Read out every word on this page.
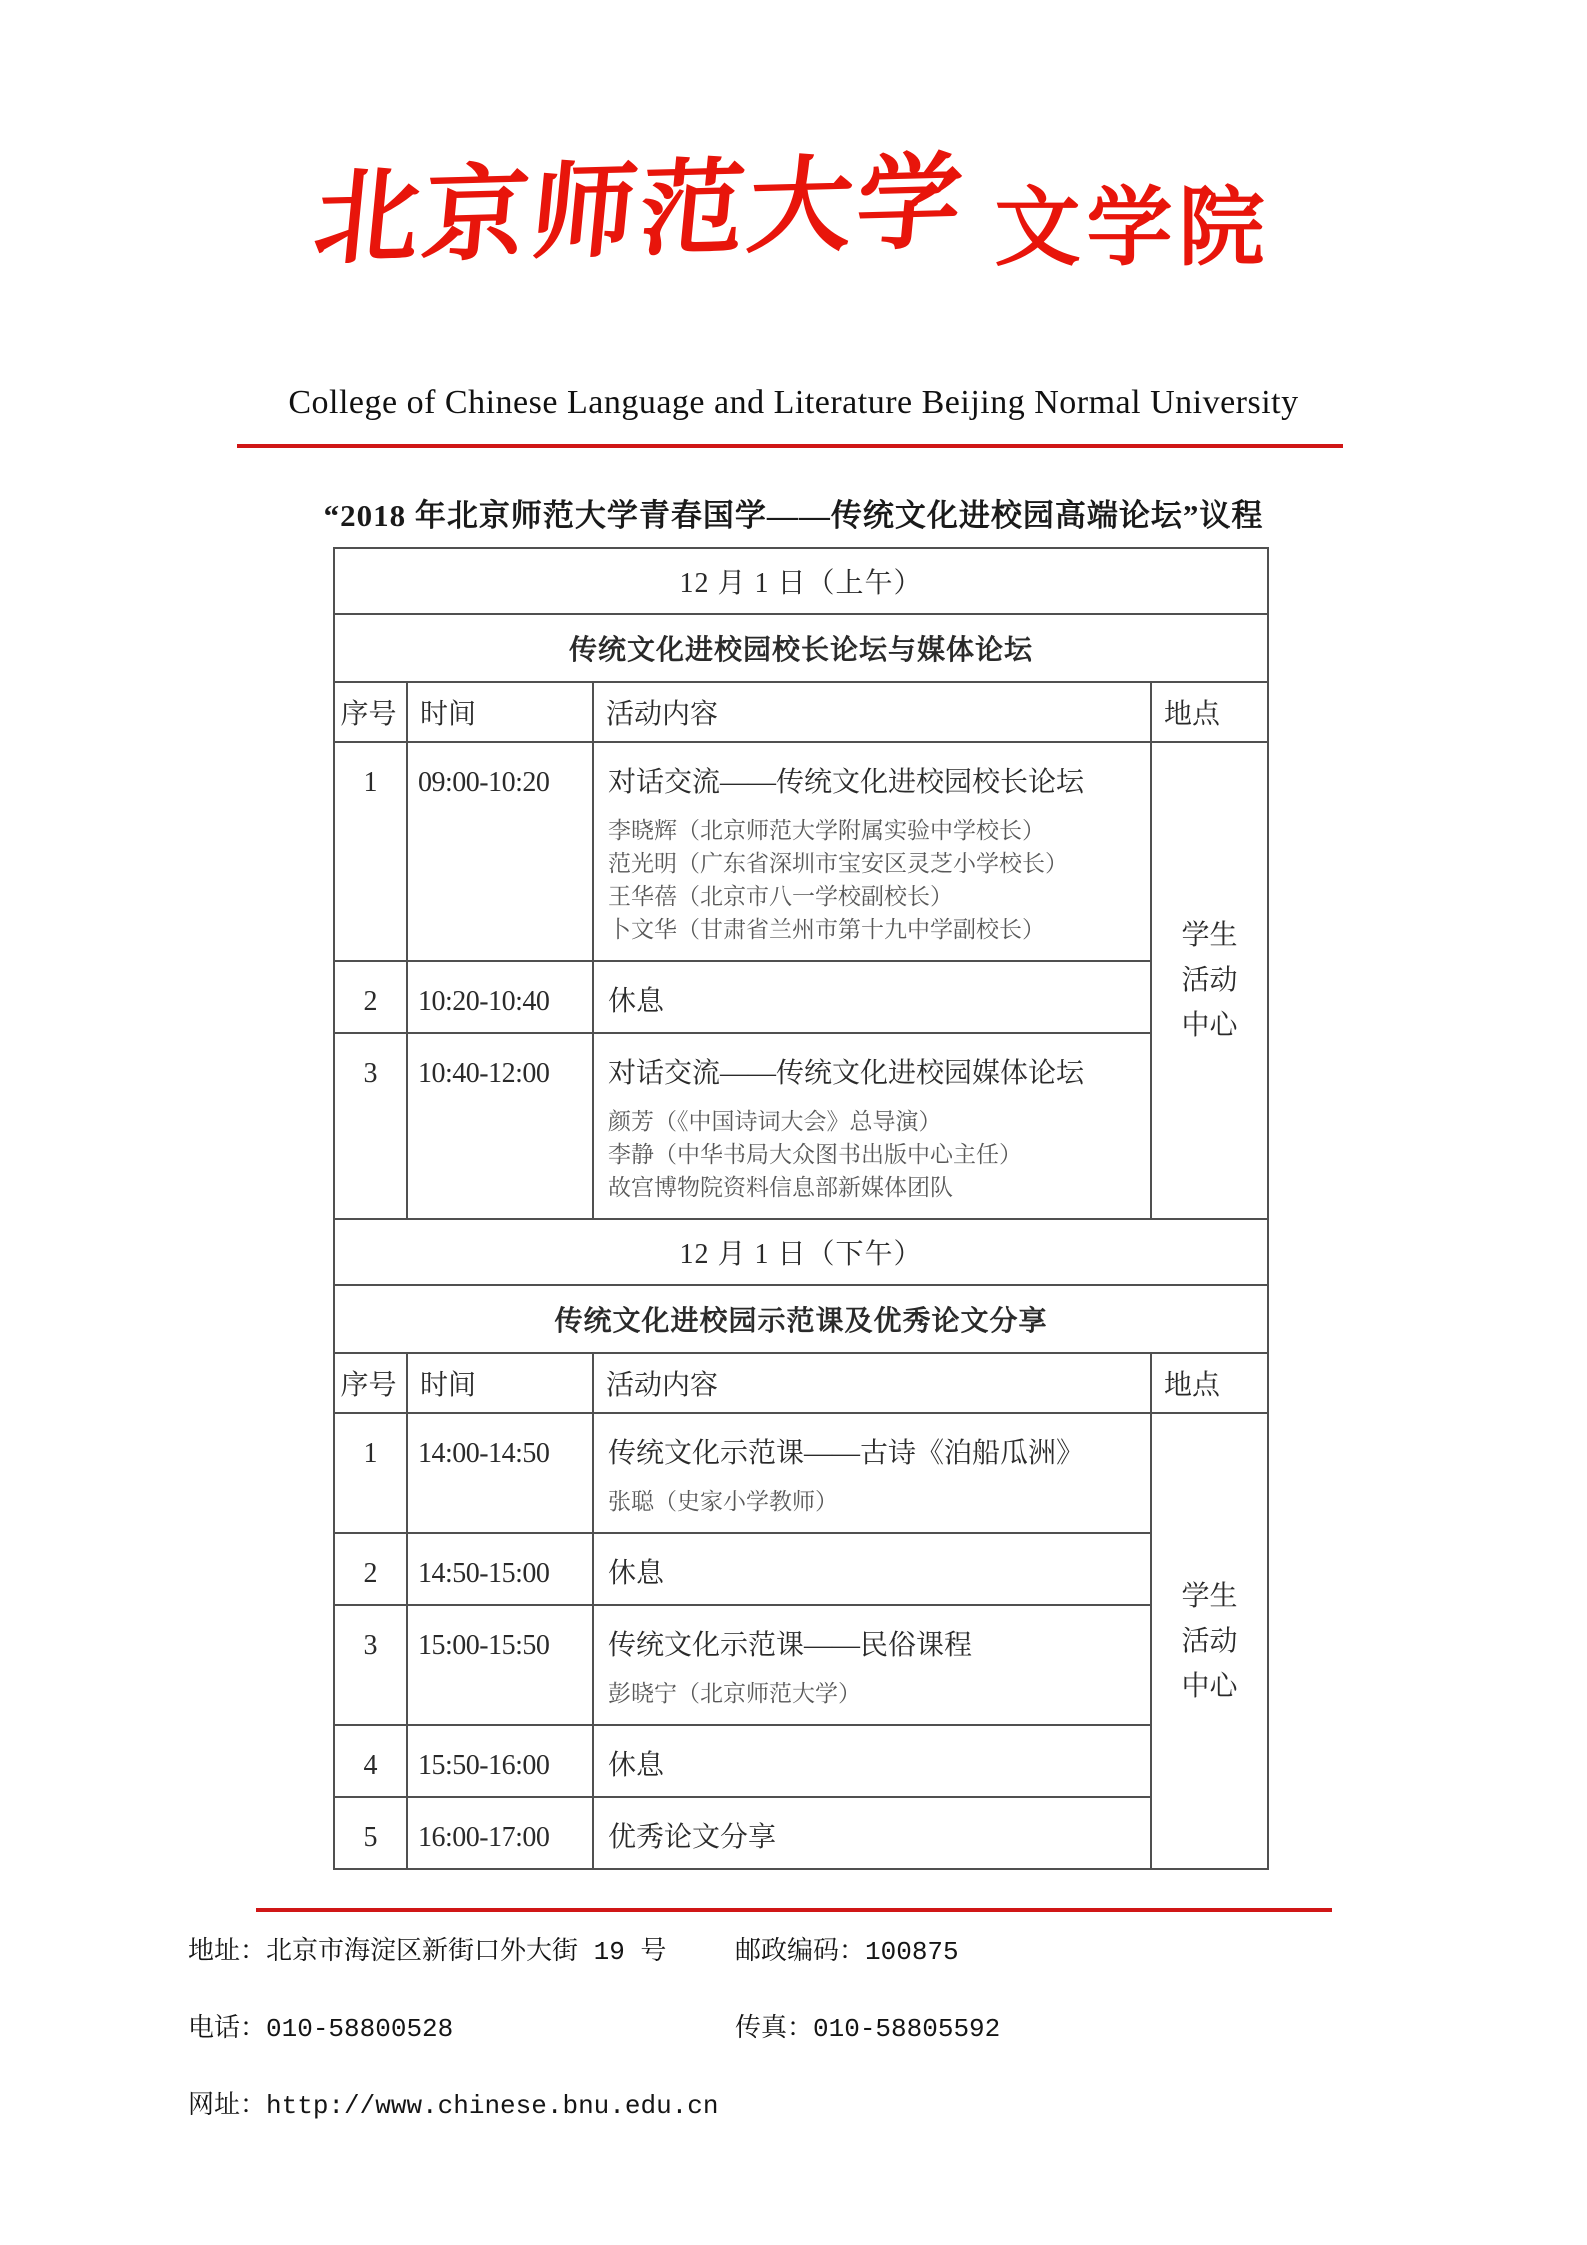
北京师范大学 文学院
College of Chinese Language and Literature Beijing Normal University
“2018 年北京师范大学青春国学——传统文化进校园高端论坛”议程
12 月 1 日（上午）			
传统文化进校园校长论坛与媒体论坛			
序号	时间	活动内容	地点
1	09:00-10:20	对话交流——传统文化进校园校长论坛
李晓辉（北京师范大学附属实验中学校长）
范光明（广东省深圳市宝安区灵芝小学校长）
王华蓓（北京市八一学校副校长）
卜文华（甘肃省兰州市第十九中学副校长）	学生
活动
中心
2	10:20-10:40	休息	

3	10:40-12:00	对话交流——传统文化进校园媒体论坛
颜芳（《中国诗词大会》总导演）
李静（中华书局大众图书出版中心主任）
故宫博物院资料信息部新媒体团队	

12 月 1 日（下午）			
传统文化进校园示范课及优秀论文分享			
序号	时间	活动内容	地点
1	14:00-14:50	传统文化示范课——古诗《泊船瓜洲》
张聪（史家小学教师）
	学生
活动
中心
2	14:50-15:00	休息	

3	15:00-15:50	传统文化示范课——民俗课程
彭晓宁（北京师范大学）	

4	15:50-16:00	休息	

5	16:00-17:00	优秀论文分享	
地址：北京市海淀区新街口外大街 19 号	邮政编码：100875
电话：010-58800528	传真：010-58805592
网址：http://www.chinese.bnu.edu.cn
